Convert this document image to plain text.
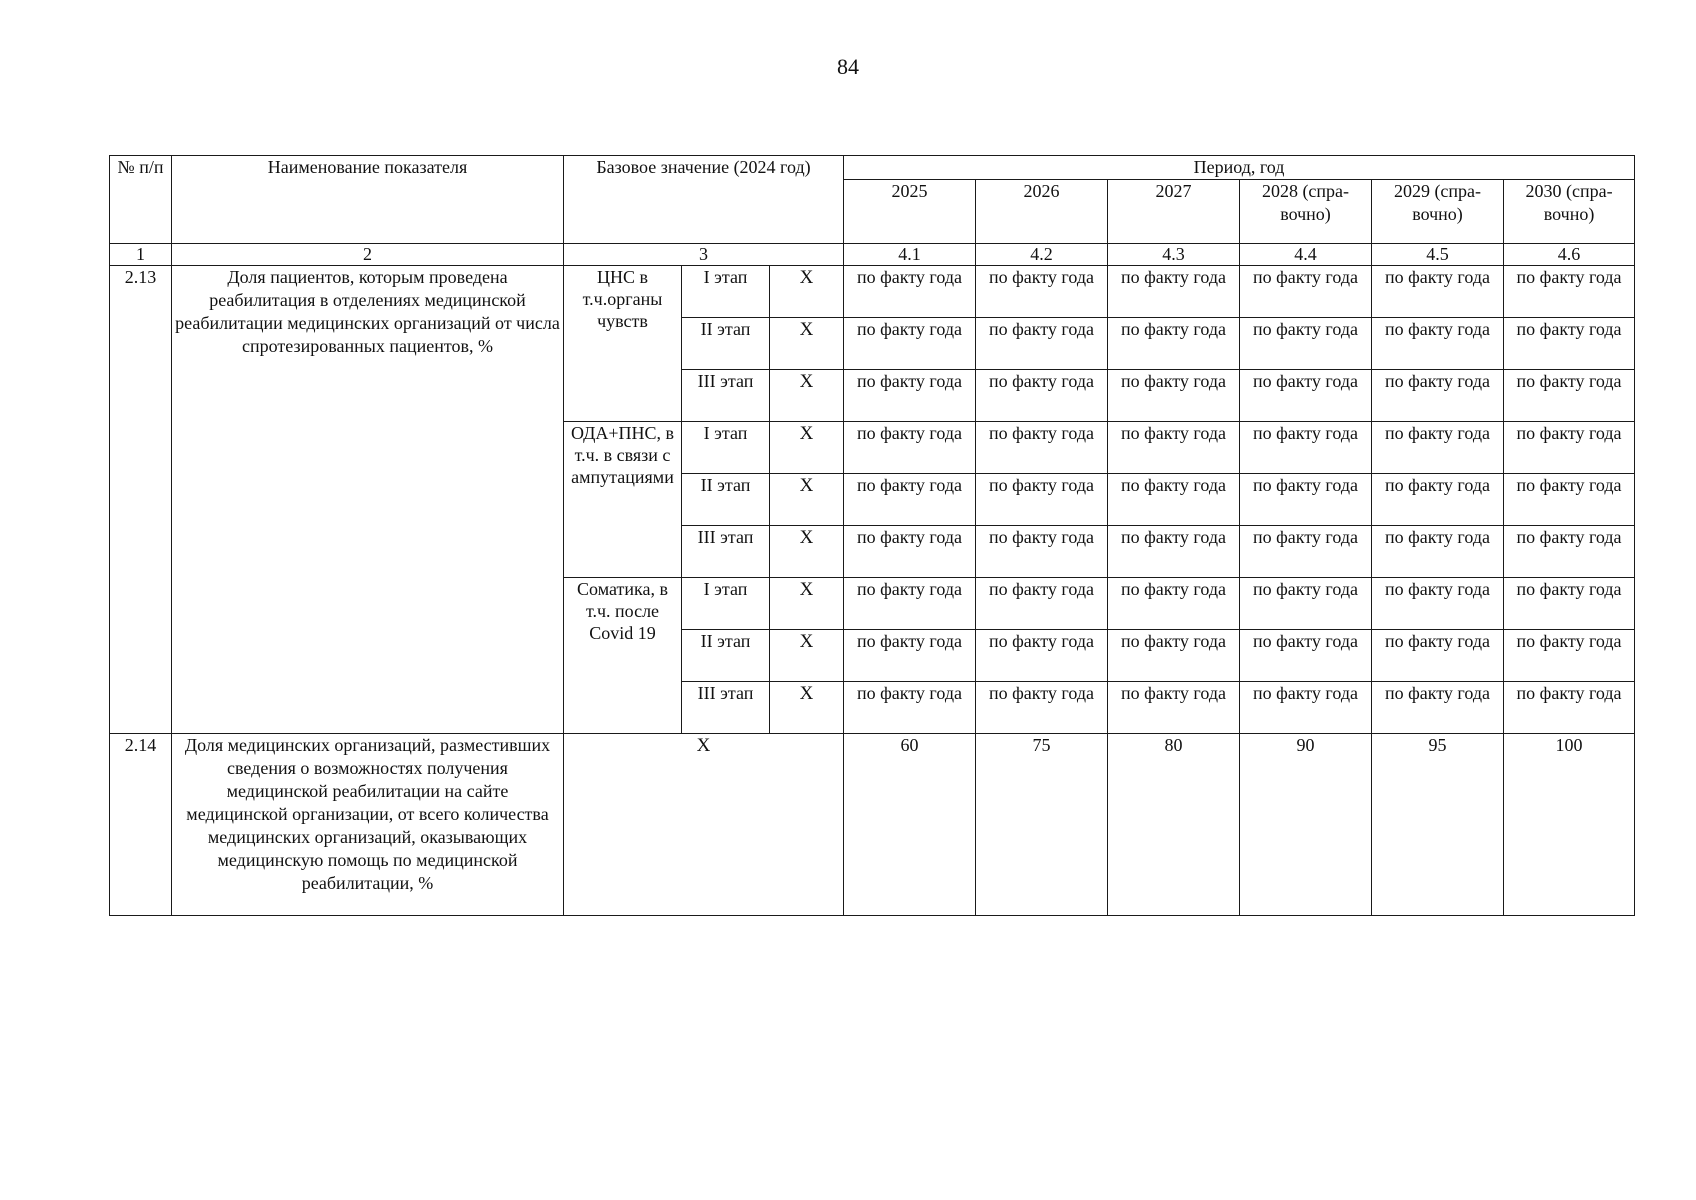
84
№ п/п	Наименование показателя	Базовое значение (2024 год)			Период, год					
					2025	2026	2027	2028 (спра-вочно)	2029 (спра-вочно)	2030 (спра-вочно)
1	2	3			4.1	4.2	4.3	4.4	4.5	4.6
2.13	Доля пациентов, которым проведена реабилитация в отделениях медицинской реабилитации медицинских организаций от числа спротезированных пациентов, %	ЦНС в т.ч.органы чувств	I этап	X	по факту года	по факту года	по факту года	по факту года	по факту года	по факту года
			II этап	X	по факту года	по факту года	по факту года	по факту года	по факту года	по факту года
			III этап	X	по факту года	по факту года	по факту года	по факту года	по факту года	по факту года
		ОДА+ПНС, в т.ч. в связи с ампутациями	I этап	X	по факту года	по факту года	по факту года	по факту года	по факту года	по факту года
			II этап	X	по факту года	по факту года	по факту года	по факту года	по факту года	по факту года
			III этап	X	по факту года	по факту года	по факту года	по факту года	по факту года	по факту года
		Соматика, в т.ч. после Covid 19	I этап	X	по факту года	по факту года	по факту года	по факту года	по факту года	по факту года
			II этап	X	по факту года	по факту года	по факту года	по факту года	по факту года	по факту года
			III этап	X	по факту года	по факту года	по факту года	по факту года	по факту года	по факту года
2.14	Доля медицинских организаций, разместивших сведения о возможностях получения медицинской реабилитации на сайте медицинской организации, от всего количества медицинских организаций, оказывающих медицинскую помощь по медицинской реабилитации, %	X			60	75	80	90	95	100
